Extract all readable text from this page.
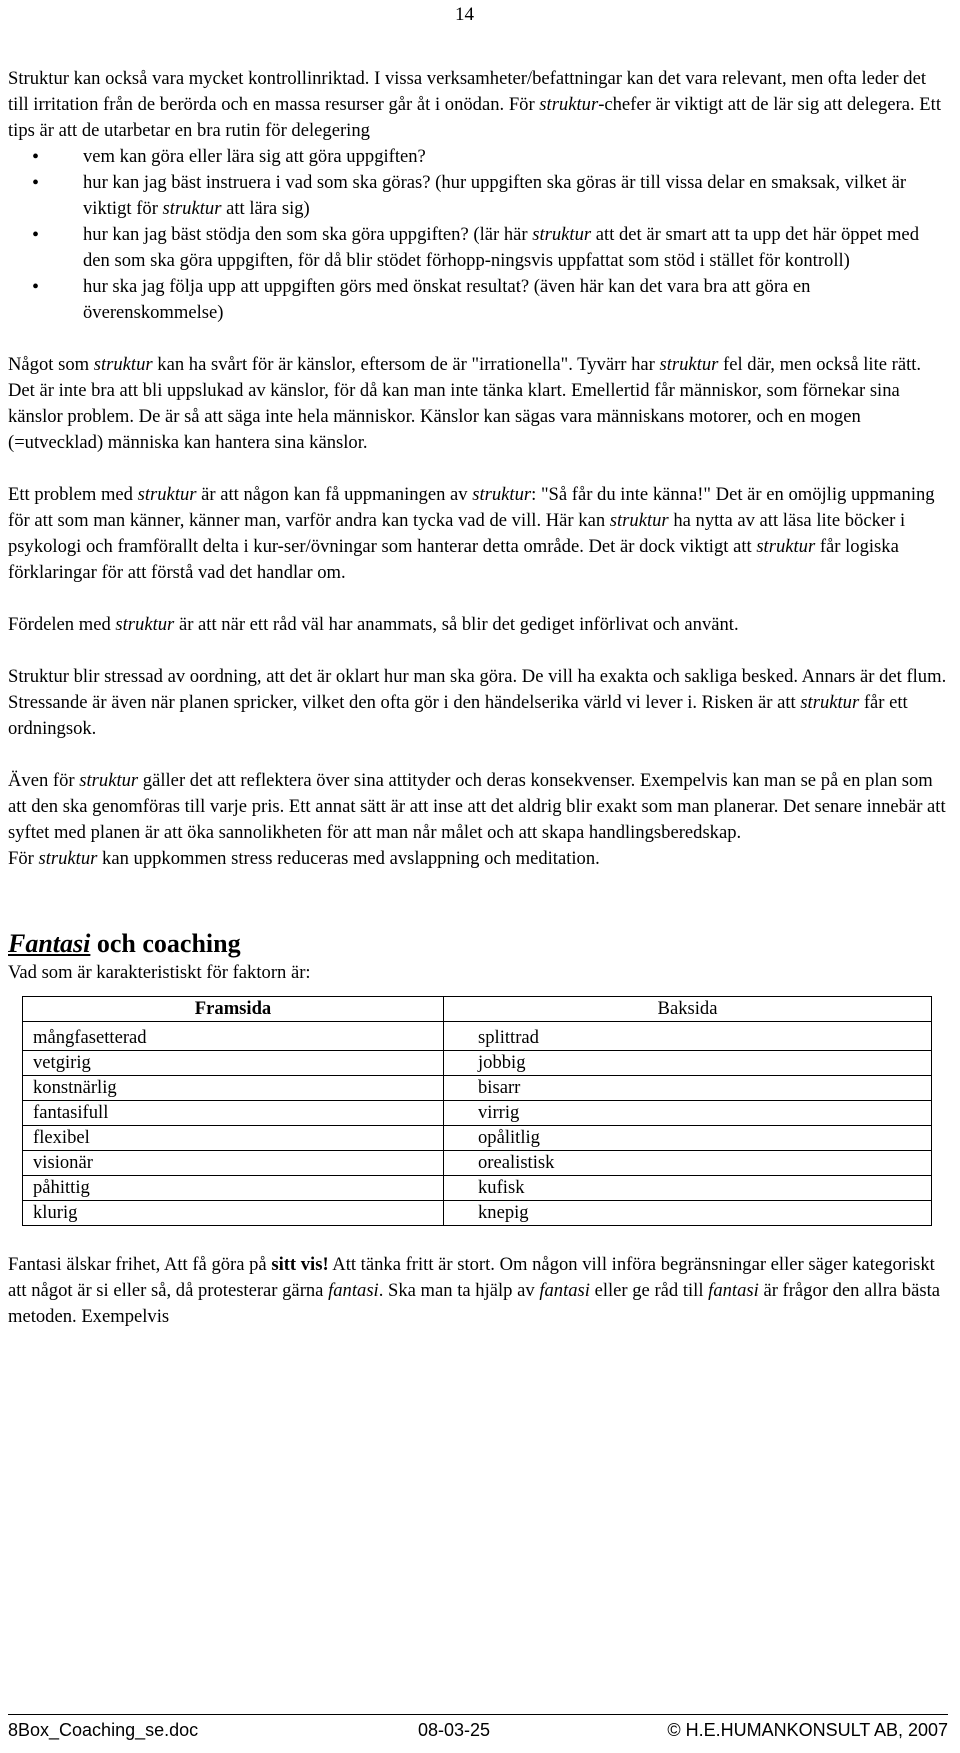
14

Struktur kan också vara mycket kontrollinriktad. I vissa verksamheter/befattningar kan det vara relevant, men ofta leder det till irritation från de berörda och en massa resurser går åt i onödan. För struktur-chefer är viktigt att de lär sig att delegera. Ett tips är att de utarbetar en bra rutin för delegering

• vem kan göra eller lära sig att göra uppgiften?
• hur kan jag bäst instruera i vad som ska göras? (hur uppgiften ska göras är till vissa delar en smaksak, vilket är viktigt för struktur att lära sig)
• hur kan jag bäst stödja den som ska göra uppgiften? (lär här struktur att det är smart att ta upp det här öppet med den som ska göra uppgiften, för då blir stödet förhopp-ningsvis uppfattat som stöd i stället för kontroll)
• hur ska jag följa upp att uppgiften görs med önskat resultat? (även här kan det vara bra att göra en överenskommelse)

Något som struktur kan ha svårt för är känslor, eftersom de är "irrationella". Tyvärr har struktur fel där, men också lite rätt. Det är inte bra att bli uppslukad av känslor, för då kan man inte tänka klart. Emellertid får människor, som förnekar sina känslor problem. De är så att säga inte hela människor. Känslor kan sägas vara människans motorer, och en mogen (=utvecklad) människa kan hantera sina känslor.

Ett problem med struktur är att någon kan få uppmaningen av struktur: "Så får du inte känna!" Det är en omöjlig uppmaning för att som man känner, känner man, varför andra kan tycka vad de vill. Här kan struktur ha nytta av att läsa lite böcker i psykologi och framförallt delta i kur-ser/övningar som hanterar detta område. Det är dock viktigt att struktur får logiska förklaringar för att förstå vad det handlar om.

Fördelen med struktur är att när ett råd väl har anammats, så blir det gediget införlivat och använt.

Struktur blir stressad av oordning, att det är oklart hur man ska göra. De vill ha exakta och sakliga besked. Annars är det flum. Stressande är även när planen spricker, vilket den ofta gör i den händelserika värld vi lever i. Risken är att struktur får ett ordningsok.

Även för struktur gäller det att reflektera över sina attityder och deras konsekvenser. Exempelvis kan man se på en plan som att den ska genomföras till varje pris. Ett annat sätt är att inse att det aldrig blir exakt som man planerar. Det senare innebär att syftet med planen är att öka sannolikheten för att man når målet och att skapa handlingsberedskap.

För struktur kan uppkommen stress reduceras med avslappning och meditation.

Fantasi och coaching

Vad som är karakteristiskt för faktorn är:

Framsida	Baksida
mångfasetterad	splittrad
vetgirig	jobbig
konstnärlig	bisarr
fantasifull	virrig
flexibel	opålitlig
visionär	orealistisk
påhittig	kufisk
klurig	knepig

Fantasi älskar frihet, Att få göra på sitt vis! Att tänka fritt är stort. Om någon vill införa begränsningar eller säger kategoriskt att något är si eller så, då protesterar gärna fantasi. Ska man ta hjälp av fantasi eller ge råd till fantasi är frågor den allra bästa metoden. Exempelvis

8Box_Coaching_se.doc	08-03-25	© H.E.HUMANKONSULT AB, 2007
